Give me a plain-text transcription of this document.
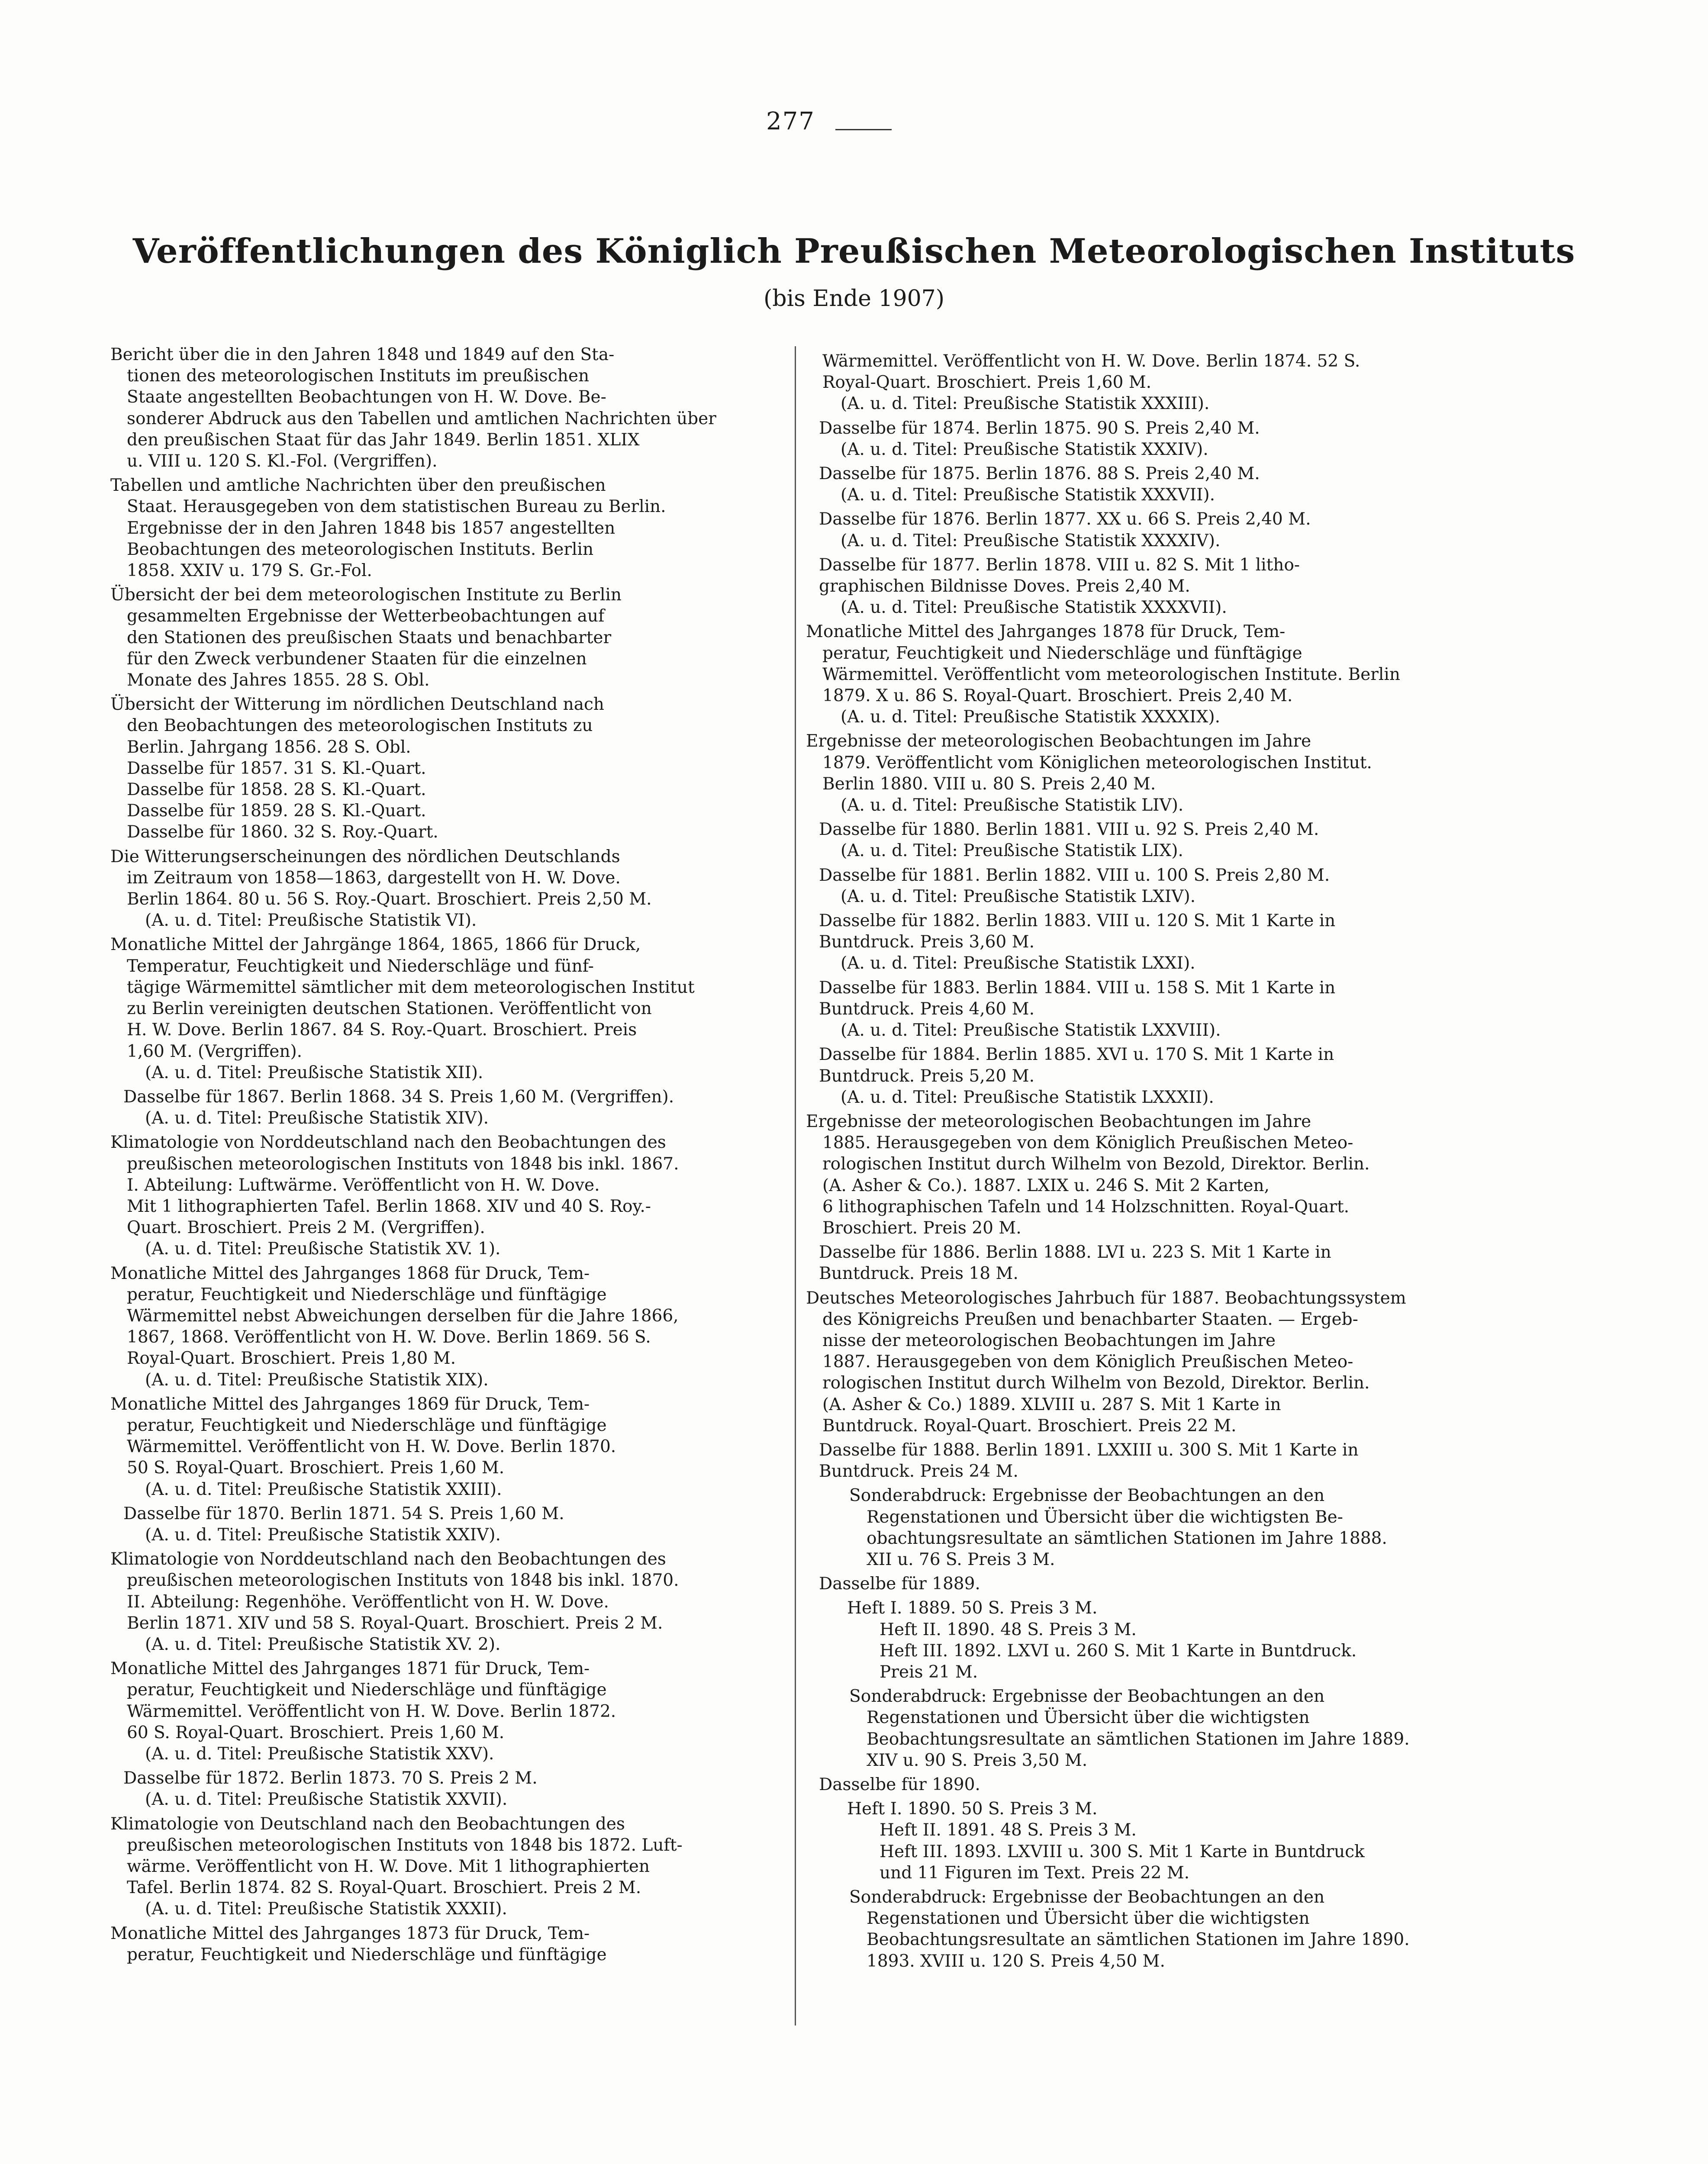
277
Veröffentlichungen des Königlich Preußischen Meteorologischen Instituts
(bis Ende 1907)
Bericht über die in den Jahren 1848 und 1849 auf den Sta-
tionen des meteorologischen Instituts im preußischen
Staate angestellten Beobachtungen von H. W. Dove. Be-
sonderer Abdruck aus den Tabellen und amtlichen Nachrichten über
den preußischen Staat für das Jahr 1849. Berlin 1851. XLIX
u. VIII u. 120 S. Kl.-Fol. (Vergriffen).
Tabellen und amtliche Nachrichten über den preußischen
Staat. Herausgegeben von dem statistischen Bureau zu Berlin.
Ergebnisse der in den Jahren 1848 bis 1857 angestellten
Beobachtungen des meteorologischen Instituts. Berlin
1858. XXIV u. 179 S. Gr.-Fol.
Übersicht der bei dem meteorologischen Institute zu Berlin
gesammelten Ergebnisse der Wetterbeobachtungen auf
den Stationen des preußischen Staats und benachbarter
für den Zweck verbundener Staaten für die einzelnen
Monate des Jahres 1855. 28 S. Obl.
Übersicht der Witterung im nördlichen Deutschland nach
den Beobachtungen des meteorologischen Instituts zu
Berlin. Jahrgang 1856. 28 S. Obl.
Dasselbe für 1857. 31 S. Kl.-Quart.
Dasselbe für 1858. 28 S. Kl.-Quart.
Dasselbe für 1859. 28 S. Kl.-Quart.
Dasselbe für 1860. 32 S. Roy.-Quart.
Die Witterungserscheinungen des nördlichen Deutschlands
im Zeitraum von 1858—1863, dargestellt von H. W. Dove.
Berlin 1864. 80 u. 56 S. Roy.-Quart. Broschiert. Preis 2,50 M.
(A. u. d. Titel: Preußische Statistik VI).
Monatliche Mittel der Jahrgänge 1864, 1865, 1866 für Druck,
Temperatur, Feuchtigkeit und Niederschläge und fünf-
tägige Wärmemittel sämtlicher mit dem meteorologischen Institut
zu Berlin vereinigten deutschen Stationen. Veröffentlicht von
H. W. Dove. Berlin 1867. 84 S. Roy.-Quart. Broschiert. Preis
1,60 M. (Vergriffen).
(A. u. d. Titel: Preußische Statistik XII).
Dasselbe für 1867. Berlin 1868. 34 S. Preis 1,60 M. (Vergriffen).
(A. u. d. Titel: Preußische Statistik XIV).
Klimatologie von Norddeutschland nach den Beobachtungen des
preußischen meteorologischen Instituts von 1848 bis inkl. 1867.
I. Abteilung: Luftwärme. Veröffentlicht von H. W. Dove.
Mit 1 lithographierten Tafel. Berlin 1868. XIV und 40 S. Roy.-
Quart. Broschiert. Preis 2 M. (Vergriffen).
(A. u. d. Titel: Preußische Statistik XV. 1).
Monatliche Mittel des Jahrganges 1868 für Druck, Tem-
peratur, Feuchtigkeit und Niederschläge und fünftägige
Wärmemittel nebst Abweichungen derselben für die Jahre 1866,
1867, 1868. Veröffentlicht von H. W. Dove. Berlin 1869. 56 S.
Royal-Quart. Broschiert. Preis 1,80 M.
(A. u. d. Titel: Preußische Statistik XIX).
Monatliche Mittel des Jahrganges 1869 für Druck, Tem-
peratur, Feuchtigkeit und Niederschläge und fünftägige
Wärmemittel. Veröffentlicht von H. W. Dove. Berlin 1870.
50 S. Royal-Quart. Broschiert. Preis 1,60 M.
(A. u. d. Titel: Preußische Statistik XXIII).
Dasselbe für 1870. Berlin 1871. 54 S. Preis 1,60 M.
(A. u. d. Titel: Preußische Statistik XXIV).
Klimatologie von Norddeutschland nach den Beobachtungen des
preußischen meteorologischen Instituts von 1848 bis inkl. 1870.
II. Abteilung: Regenhöhe. Veröffentlicht von H. W. Dove.
Berlin 1871. XIV und 58 S. Royal-Quart. Broschiert. Preis 2 M.
(A. u. d. Titel: Preußische Statistik XV. 2).
Monatliche Mittel des Jahrganges 1871 für Druck, Tem-
peratur, Feuchtigkeit und Niederschläge und fünftägige
Wärmemittel. Veröffentlicht von H. W. Dove. Berlin 1872.
60 S. Royal-Quart. Broschiert. Preis 1,60 M.
(A. u. d. Titel: Preußische Statistik XXV).
Dasselbe für 1872. Berlin 1873. 70 S. Preis 2 M.
(A. u. d. Titel: Preußische Statistik XXVII).
Klimatologie von Deutschland nach den Beobachtungen des
preußischen meteorologischen Instituts von 1848 bis 1872. Luft-
wärme. Veröffentlicht von H. W. Dove. Mit 1 lithographierten
Tafel. Berlin 1874. 82 S. Royal-Quart. Broschiert. Preis 2 M.
(A. u. d. Titel: Preußische Statistik XXXII).
Monatliche Mittel des Jahrganges 1873 für Druck, Tem-
peratur, Feuchtigkeit und Niederschläge und fünftägige
Wärmemittel. Veröffentlicht von H. W. Dove. Berlin 1874. 52 S.
Royal-Quart. Broschiert. Preis 1,60 M.
(A. u. d. Titel: Preußische Statistik XXXIII).
Dasselbe für 1874. Berlin 1875. 90 S. Preis 2,40 M.
(A. u. d. Titel: Preußische Statistik XXXIV).
Dasselbe für 1875. Berlin 1876. 88 S. Preis 2,40 M.
(A. u. d. Titel: Preußische Statistik XXXVII).
Dasselbe für 1876. Berlin 1877. XX u. 66 S. Preis 2,40 M.
(A. u. d. Titel: Preußische Statistik XXXXIV).
Dasselbe für 1877. Berlin 1878. VIII u. 82 S. Mit 1 litho-
graphischen Bildnisse Doves. Preis 2,40 M.
(A. u. d. Titel: Preußische Statistik XXXXVII).
Monatliche Mittel des Jahrganges 1878 für Druck, Tem-
peratur, Feuchtigkeit und Niederschläge und fünftägige
Wärmemittel. Veröffentlicht vom meteorologischen Institute. Berlin
1879. X u. 86 S. Royal-Quart. Broschiert. Preis 2,40 M.
(A. u. d. Titel: Preußische Statistik XXXXIX).
Ergebnisse der meteorologischen Beobachtungen im Jahre
1879. Veröffentlicht vom Königlichen meteorologischen Institut.
Berlin 1880. VIII u. 80 S. Preis 2,40 M.
(A. u. d. Titel: Preußische Statistik LIV).
Dasselbe für 1880. Berlin 1881. VIII u. 92 S. Preis 2,40 M.
(A. u. d. Titel: Preußische Statistik LIX).
Dasselbe für 1881. Berlin 1882. VIII u. 100 S. Preis 2,80 M.
(A. u. d. Titel: Preußische Statistik LXIV).
Dasselbe für 1882. Berlin 1883. VIII u. 120 S. Mit 1 Karte in
Buntdruck. Preis 3,60 M.
(A. u. d. Titel: Preußische Statistik LXXI).
Dasselbe für 1883. Berlin 1884. VIII u. 158 S. Mit 1 Karte in
Buntdruck. Preis 4,60 M.
(A. u. d. Titel: Preußische Statistik LXXVIII).
Dasselbe für 1884. Berlin 1885. XVI u. 170 S. Mit 1 Karte in
Buntdruck. Preis 5,20 M.
(A. u. d. Titel: Preußische Statistik LXXXII).
Ergebnisse der meteorologischen Beobachtungen im Jahre
1885. Herausgegeben von dem Königlich Preußischen Meteo-
rologischen Institut durch Wilhelm von Bezold, Direktor. Berlin.
(A. Asher & Co.). 1887. LXIX u. 246 S. Mit 2 Karten,
6 lithographischen Tafeln und 14 Holzschnitten. Royal-Quart.
Broschiert. Preis 20 M.
Dasselbe für 1886. Berlin 1888. LVI u. 223 S. Mit 1 Karte in
Buntdruck. Preis 18 M.
Deutsches Meteorologisches Jahrbuch für 1887. Beobachtungssystem
des Königreichs Preußen und benachbarter Staaten. — Ergeb-
nisse der meteorologischen Beobachtungen im Jahre
1887. Herausgegeben von dem Königlich Preußischen Meteo-
rologischen Institut durch Wilhelm von Bezold, Direktor. Berlin.
(A. Asher & Co.) 1889. XLVIII u. 287 S. Mit 1 Karte in
Buntdruck. Royal-Quart. Broschiert. Preis 22 M.
Dasselbe für 1888. Berlin 1891. LXXIII u. 300 S. Mit 1 Karte in
Buntdruck. Preis 24 M.
Sonderabdruck: Ergebnisse der Beobachtungen an den
Regenstationen und Übersicht über die wichtigsten Be-
obachtungsresultate an sämtlichen Stationen im Jahre 1888.
XII u. 76 S. Preis 3 M.
Dasselbe für 1889.
Heft I. 1889. 50 S. Preis 3 M.
Heft II. 1890. 48 S. Preis 3 M.
Heft III. 1892. LXVI u. 260 S. Mit 1 Karte in Buntdruck.
Preis 21 M.
Sonderabdruck: Ergebnisse der Beobachtungen an den
Regenstationen und Übersicht über die wichtigsten
Beobachtungsresultate an sämtlichen Stationen im Jahre 1889.
XIV u. 90 S. Preis 3,50 M.
Dasselbe für 1890.
Heft I. 1890. 50 S. Preis 3 M.
Heft II. 1891. 48 S. Preis 3 M.
Heft III. 1893. LXVIII u. 300 S. Mit 1 Karte in Buntdruck
und 11 Figuren im Text. Preis 22 M.
Sonderabdruck: Ergebnisse der Beobachtungen an den
Regenstationen und Übersicht über die wichtigsten
Beobachtungsresultate an sämtlichen Stationen im Jahre 1890.
1893. XVIII u. 120 S. Preis 4,50 M.
